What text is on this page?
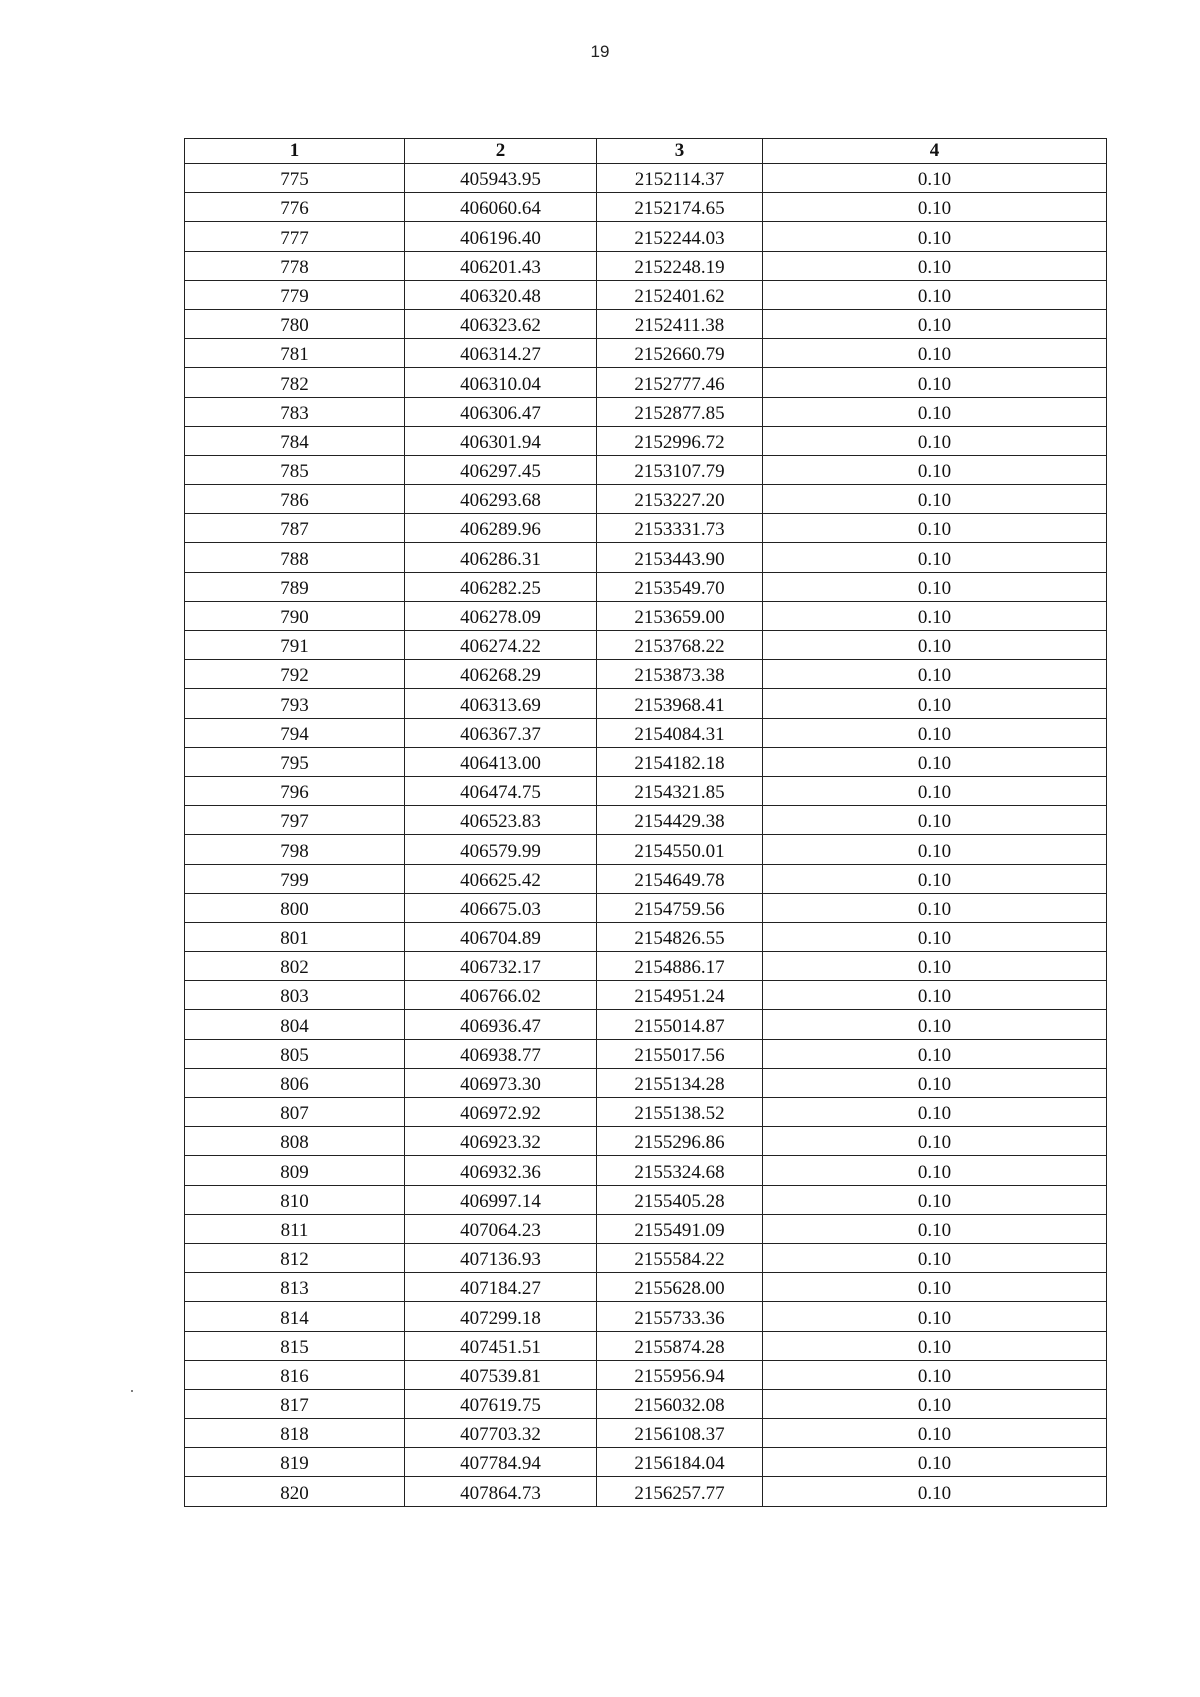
19
1	2	3	4
775	405943.95	2152114.37	0.10
776	406060.64	2152174.65	0.10
777	406196.40	2152244.03	0.10
778	406201.43	2152248.19	0.10
779	406320.48	2152401.62	0.10
780	406323.62	2152411.38	0.10
781	406314.27	2152660.79	0.10
782	406310.04	2152777.46	0.10
783	406306.47	2152877.85	0.10
784	406301.94	2152996.72	0.10
785	406297.45	2153107.79	0.10
786	406293.68	2153227.20	0.10
787	406289.96	2153331.73	0.10
788	406286.31	2153443.90	0.10
789	406282.25	2153549.70	0.10
790	406278.09	2153659.00	0.10
791	406274.22	2153768.22	0.10
792	406268.29	2153873.38	0.10
793	406313.69	2153968.41	0.10
794	406367.37	2154084.31	0.10
795	406413.00	2154182.18	0.10
796	406474.75	2154321.85	0.10
797	406523.83	2154429.38	0.10
798	406579.99	2154550.01	0.10
799	406625.42	2154649.78	0.10
800	406675.03	2154759.56	0.10
801	406704.89	2154826.55	0.10
802	406732.17	2154886.17	0.10
803	406766.02	2154951.24	0.10
804	406936.47	2155014.87	0.10
805	406938.77	2155017.56	0.10
806	406973.30	2155134.28	0.10
807	406972.92	2155138.52	0.10
808	406923.32	2155296.86	0.10
809	406932.36	2155324.68	0.10
810	406997.14	2155405.28	0.10
811	407064.23	2155491.09	0.10
812	407136.93	2155584.22	0.10
813	407184.27	2155628.00	0.10
814	407299.18	2155733.36	0.10
815	407451.51	2155874.28	0.10
816	407539.81	2155956.94	0.10
817	407619.75	2156032.08	0.10
818	407703.32	2156108.37	0.10
819	407784.94	2156184.04	0.10
820	407864.73	2156257.77	0.10
